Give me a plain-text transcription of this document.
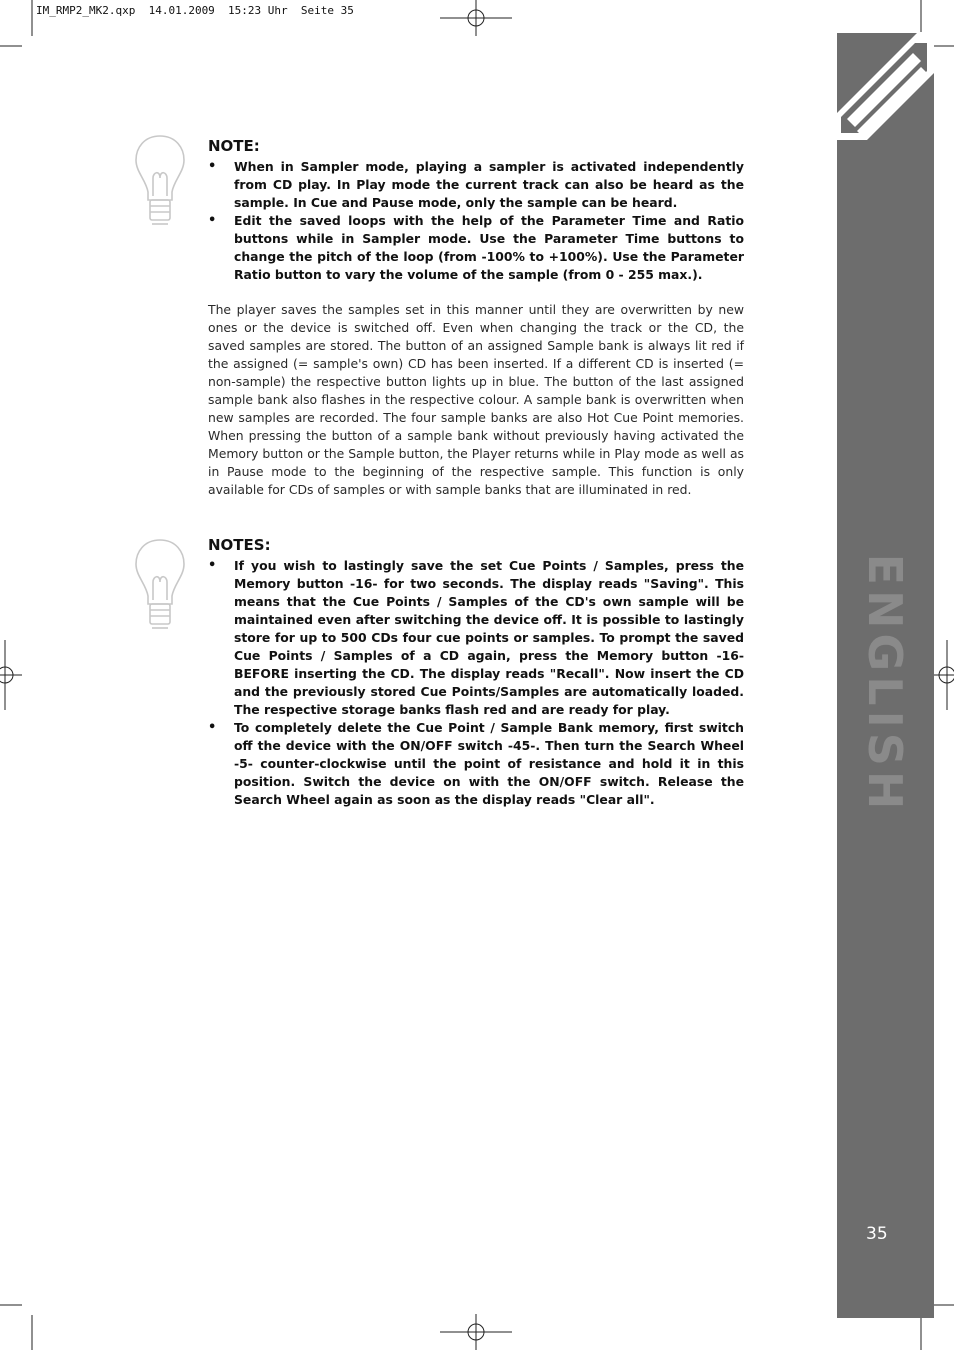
IM_RMP2_MK2.qxp  14.01.2009  15:23 Uhr  Seite 35
ENGLISH
35
NOTE:
• When in Sampler mode, playing a sampler is activated independently from CD play. In Play mode the current track can also be heard as the sample. In Cue and Pause mode, only the sample can be heard.
• Edit the saved loops with the help of the Parameter Time and Ratio buttons while in Sampler mode. Use the Parameter Time buttons to change the pitch of the loop (from -100% to +100%). Use the Parameter Ratio button to vary the volume of the sample (from 0 - 255 max.).

The player saves the samples set in this manner until they are overwritten by new ones or the device is switched off. Even when changing the track or the CD, the saved samples are stored. The button of an assigned Sample bank is always lit red if the assigned (= sample's own) CD has been inserted. If a different CD is inserted (= non-sample) the respective button lights up in blue. The button of the last assigned sample bank also flashes in the respective colour. A sample bank is overwritten when new samples are recorded. The four sample banks are also Hot Cue Point memories. When pressing the button of a sample bank without previously having activated the Memory button or the Sample button, the Player returns while in Play mode as well as in Pause mode to the beginning of the respective sample. This function is only available for CDs of samples or with sample banks that are illuminated in red.

NOTES:
• If you wish to lastingly save the set Cue Points / Samples, press the Memory button -16- for two seconds. The display reads "Saving". This means that the Cue Points / Samples of the CD's own sample will be maintained even after switching the device off. It is possible to lastingly store for up to 500 CDs four cue points or samples. To prompt the saved Cue Points / Samples of a CD again, press the Memory button -16- BEFORE inserting the CD. The display reads "Recall". Now insert the CD and the previously stored Cue Points/Samples are automatically loaded. The respective storage banks flash red and are ready for play.
• To completely delete the Cue Point / Sample Bank memory, first switch off the device with the ON/OFF switch -45-. Then turn the Search Wheel -5- counter-clockwise until the point of resistance and hold it in this position. Switch the device on with the ON/OFF switch. Release the Search Wheel again as soon as the display reads "Clear all".
